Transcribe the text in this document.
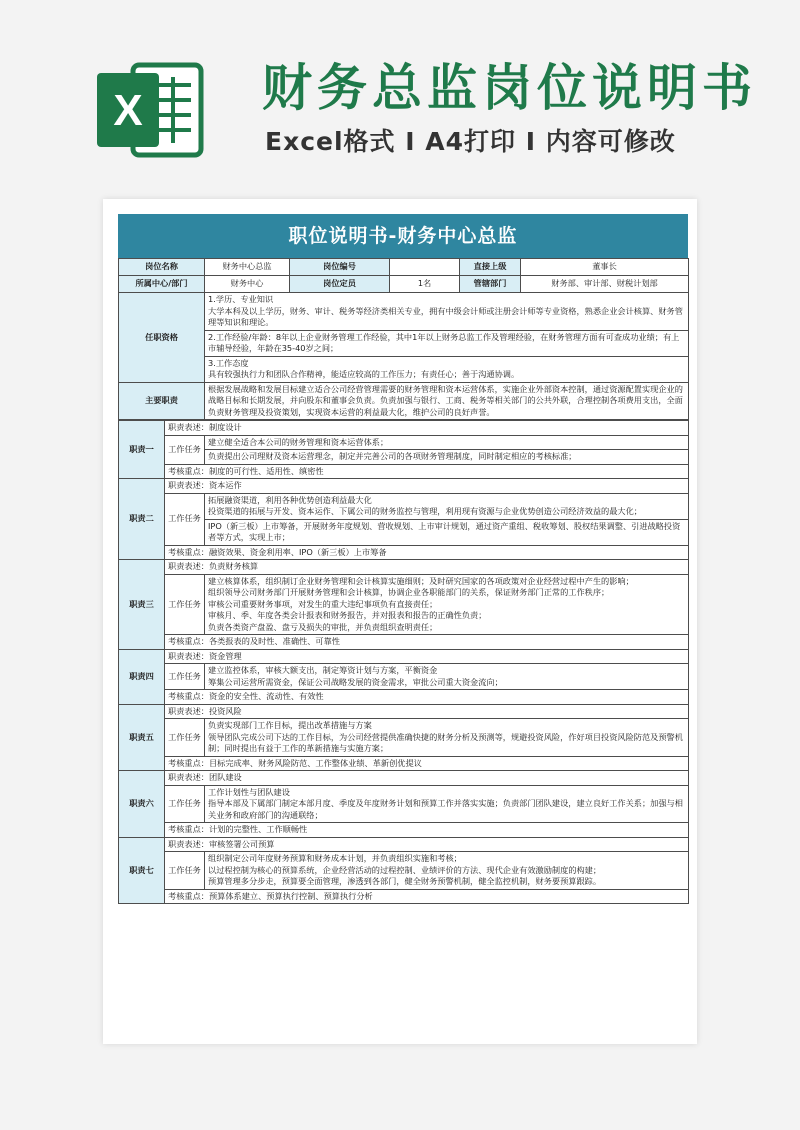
X 财务总监岗位说明书
Excel格式 I A4打印 I 内容可修改
职位说明书-财务中心总监
岗位名称	财务中心总监	岗位编号		直接上级	董事长
所属中心/部门	财务中心	岗位定员	1名	管辖部门	财务部、审计部、财税计划部
任职资格	1.学历、专业知识
大学本科及以上学历，财务、审计、税务等经济类相关专业，拥有中级会计师或注册会计师等专业资格，熟悉企业会计核算、财务管理等知识和理论。
2.工作经验/年龄：8年以上企业财务管理工作经验，其中1年以上财务总监工作及管理经验，在财务管理方面有可查成功业绩；有上市辅导经验，年龄在35-40岁之间；
3.工作态度
具有较强执行力和团队合作精神，能适应较高的工作压力；有责任心；善于沟通协调。				

主要职责	根据发展战略和发展目标建立适合公司经营管理需要的财务管理和资本运营体系，实施企业外部资本控制，通过资源配置实现企业的战略目标和长期发展，并向股东和董事会负责。负责加强与银行、工商、税务等相关部门的公共外联，合理控制各项费用支出，全面负责财务管理及投资策划，实现资本运营的利益最大化，维护公司的良好声誉。				
职责一	职责表述：制度设计	
	工作任务	建立健全适合本公司的财务管理和资本运营体系；
		负责提出公司理财及资本运营理念，制定并完善公司的各项财务管理制度，同时制定相应的考核标准；
	考核重点：制度的可行性、适用性、缜密性	
职责二	职责表述：资本运作	
	工作任务	拓展融资渠道，利用各种优势创造利益最大化
投资渠道的拓展与开发、资本运作、下属公司的财务监控与管理，利用现有资源与企业优势创造公司经济效益的最大化；
		IPO（新三板）上市筹备，开展财务年度规划、营收规划、上市审计规划，通过资产重组、税收筹划、股权结果调整、引进战略投资者等方式，实现上市；
	考核重点：融资效果、资金利用率、IPO（新三板）上市筹备	
职责三	职责表述：负责财务核算	
	工作任务	建立核算体系，组织制订企业财务管理和会计核算实施细则；及时研究国家的各项政策对企业经营过程中产生的影响；
组织领导公司财务部门开展财务管理和会计核算，协调企业各职能部门的关系，保证财务部门正常的工作秩序；
审核公司重要财务事项，对发生的重大违纪事项负有直接责任；
审核月、季、年度各类会计报表和财务报告，并对报表和报告的正确性负责；
负责各类资产盘盈、盘亏及损失的审批，并负责组织查明责任；
	考核重点：各类报表的及时性、准确性、可靠性	
职责四	职责表述：资金管理	
	工作任务	建立监控体系，审核大额支出，制定筹资计划与方案，平衡资金
筹集公司运营所需资金，保证公司战略发展的资金需求，审批公司重大资金流向；
	考核重点：资金的安全性、流动性、有效性	
职责五	职责表述：投资风险	
	工作任务	负责实现部门工作目标，提出改革措施与方案
领导团队完成公司下达的工作目标，为公司经营提供准确快捷的财务分析及预测等，规避投资风险，作好项目投资风险防范及预警机制；同时提出有益于工作的革新措施与实施方案；
	考核重点：目标完成率、财务风险防范、工作整体业绩、革新创优提议	
职责六	职责表述：团队建设	
	工作任务	工作计划性与团队建设
指导本部及下属部门制定本部月度、季度及年度财务计划和预算工作并落实实施；负责部门团队建设，建立良好工作关系；加强与相关业务和政府部门的沟通联络；
	考核重点：计划的完整性、工作顺畅性	
职责七	职责表述：审核签署公司预算	
	工作任务	组织制定公司年度财务预算和财务成本计划，并负责组织实施和考核；
以过程控制为核心的预算系统，企业经营活动的过程控制、业绩评价的方法、现代企业有效激励制度的构建；
预算管理多分步走，预算要全面管理，渗透到各部门，健全财务预警机制，健全监控机制，财务要预算跟踪。
	考核重点：预算体系建立、预算执行控制、预算执行分析	
